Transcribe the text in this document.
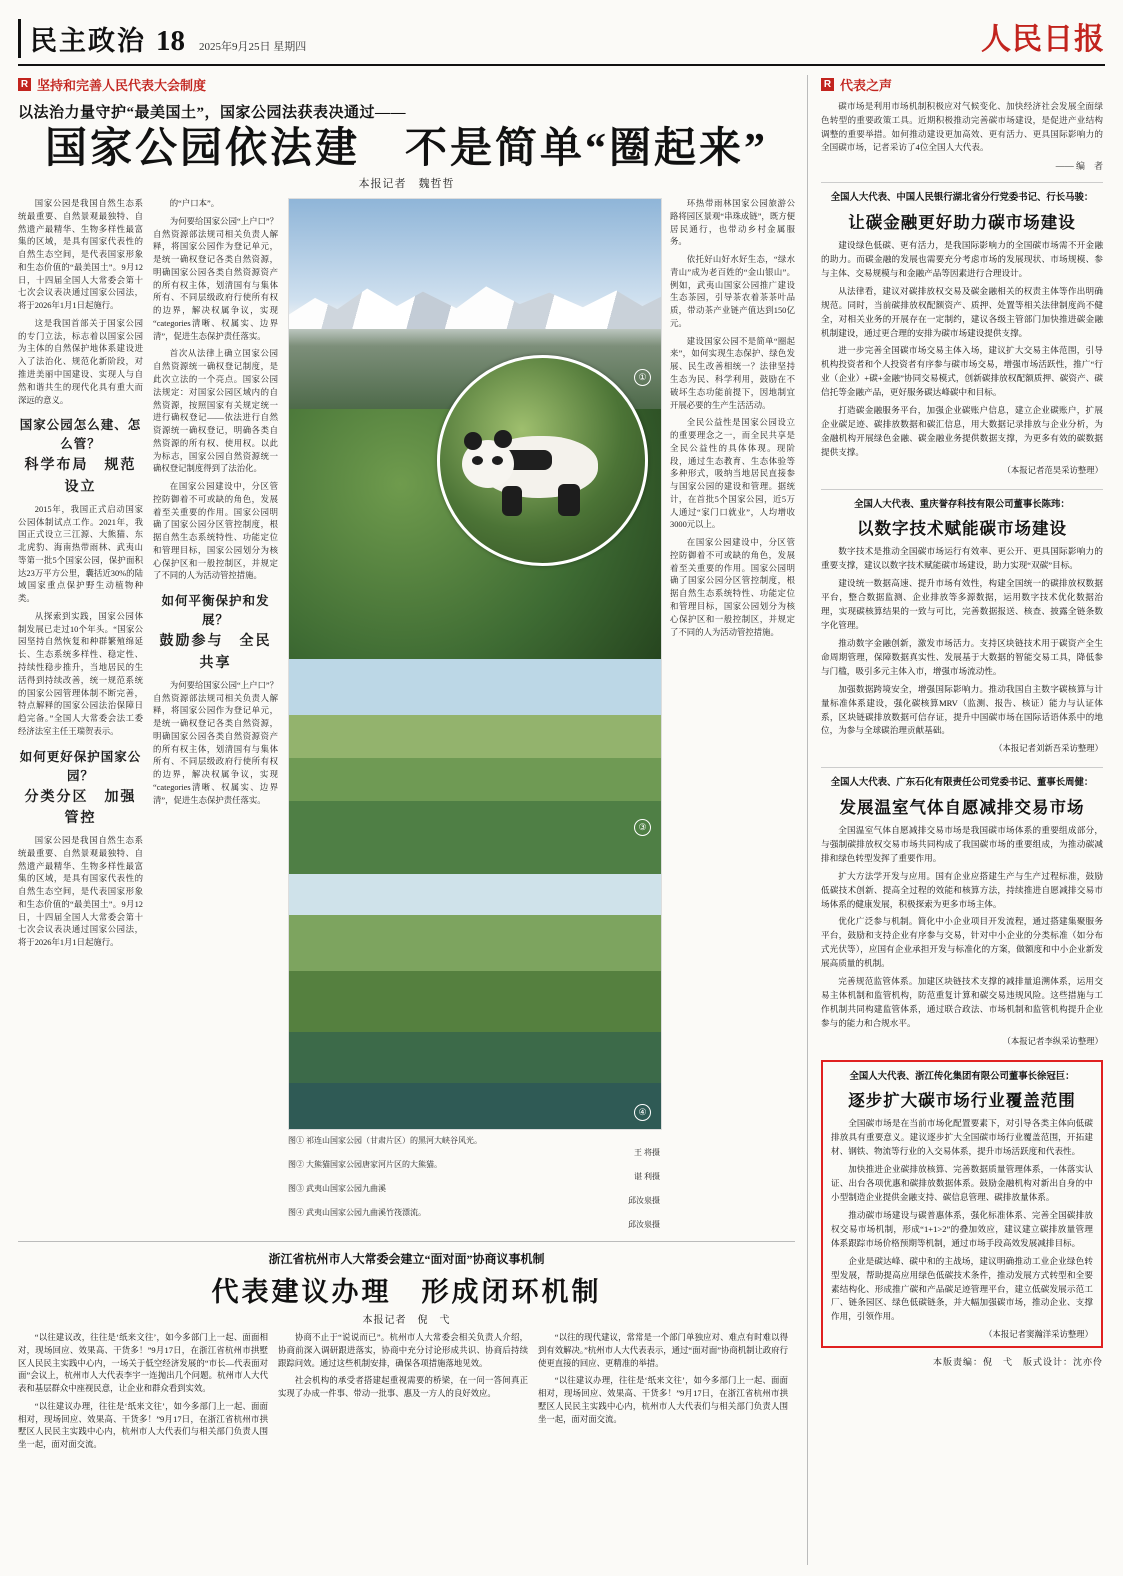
民主政治 18 2025年9月25日 星期四	人民日报
R 坚持和完善人民代表大会制度
以法治力量守护“最美国土”，国家公园法获表决通过——
国家公园依法建　不是简单“圈起来”
本报记者　魏哲哲

国家公园是我国自然生态系统最重要、自然景观最独特、自然遗产最精华、生物多样性最富集的区域，是具有国家代表性的自然生态空间，是代表国家形象和生态价值的“最美国土”。9月12日，十四届全国人大常委会第十七次会议表决通过国家公园法，将于2026年1月1日起施行。

这是我国首部关于国家公园的专门立法，标志着以国家公园为主体的自然保护地体系建设进入了法治化、规范化新阶段，对推进美丽中国建设、实现人与自然和谐共生的现代化具有重大而深远的意义。

国家公园怎么建、怎么管？
科学布局　规范设立

2015年，我国正式启动国家公园体制试点工作。2021年，我国正式设立三江源、大熊猫、东北虎豹、海南热带雨林、武夷山等第一批5个国家公园，保护面积达23万平方公里，囊括近30%的陆域国家重点保护野生动植物种类。

从探索到实践，国家公园体制发展已走过10个年头。“国家公园坚持自然恢复和种群繁殖绵延长、生态系统多样性、稳定性、持续性稳步推升，当地居民的生活得到持续改善，统一规范系统的国家公园管理体制不断完善，特点解释的国家公园法治保障日趋完备。”全国人大常委会法工委经济法室主任王瑞贺表示。

如何更好保护国家公园？
分类分区　加强管控

国家公园是我国自然生态系统最重要、自然景观最独特、自然遗产最精华、生物多样性最富集的区域，是具有国家代表性的自然生态空间，是代表国家形象和生态价值的“最美国土”。9月12日，十四届全国人大常委会第十七次会议表决通过国家公园法，将于2026年1月1日起施行。

的“户口本”。

为何要给国家公园“上户口”？自然资源部法规司相关负责人解释，将国家公园作为登记单元，是统一确权登记各类自然资源，明确国家公园各类自然资源资产的所有权主体，划清国有与集体所有、不同层级政府行使所有权的边界，解决权属争议，实现“categories清晰、权属实、边界清”，促进生态保护责任落实。

首次从法律上确立国家公园自然资源统一确权登记制度，是此次立法的一个亮点。国家公园法规定：对国家公园区域内的自然资源，按照国家有关规定统一进行确权登记——依法进行自然资源统一确权登记，明确各类自然资源的所有权、使用权。以此为标志，国家公园自然资源统一确权登记制度得到了法治化。

在国家公园建设中，分区管控防御着不可或缺的角色，发展着至关重要的作用。国家公园明确了国家公园分区管控制度，根据自然生态系统特性、功能定位和管理目标，国家公园划分为核心保护区和一般控制区，并规定了不同的人为活动管控措施。

如何平衡保护和发展？
鼓励参与　全民共享

为何要给国家公园“上户口”？自然资源部法规司相关负责人解释，将国家公园作为登记单元，是统一确权登记各类自然资源，明确国家公园各类自然资源资产的所有权主体，划清国有与集体所有、不同层级政府行使所有权的边界，解决权属争议，实现“categories清晰、权属实、边界清”，促进生态保护责任落实。

①
③
④
②
图① 祁连山国家公园（甘肃片区）的黑河大峡谷风光。
王 将摄
图② 大熊猫国家公园唐家河片区的大熊猫。
谌 利摄
图③ 武夷山国家公园九曲溪
邱汝泉摄
图④ 武夷山国家公园九曲溪竹筏漂流。
邱汝泉摄

环热带雨林国家公园旅游公路将园区景观“串珠成链”，既方便居民通行，也带动乡村金属服务。

依托好山好水好生态，“绿水青山”成为老百姓的“金山银山”。例如，武夷山国家公园推广建设生态茶园，引导茶农着茶茶叶品质，带动茶产业链产值达到150亿元。

建设国家公园不是简单“圈起来”，如何实现生态保护、绿色发展、民生改善相统一？法律坚持生态为民、科学利用，鼓励在不破坏生态功能前提下，因地制宜开展必要的生产生活活动。

全民公益性是国家公园设立的重要理念之一，而全民共享是全民公益性的具体体现。现阶段，通过生态教育、生态体验等多种形式，吸纳当地居民直接参与国家公园的建设和管理。据统计，在首批5个国家公园，近5万人通过“家门口就业”，人均增收3000元以上。

在国家公园建设中，分区管控防御着不可或缺的角色，发展着至关重要的作用。国家公园明确了国家公园分区管控制度，根据自然生态系统特性、功能定位和管理目标，国家公园划分为核心保护区和一般控制区，并规定了不同的人为活动管控措施。

浙江省杭州市人大常委会建立“面对面”协商议事机制
代表建议办理　形成闭环机制
本报记者　倪　弋

“以往建议改，往往是‘纸来文往’，如今多部门上一起、面面相对，现场回应、效果高、干货多！”9月17日，在浙江省杭州市拱墅区人民民主实践中心内，一场关于低空经济发展的“市长—代表面对面”会议上，杭州市人大代表李宇一连抛出几个问题。杭州市人大代表和基层群众中座视民意，让企业和群众看到实效。

“以往建议办理，往往是‘纸来文往’，如今多部门上一起、面面相对，现场回应、效果高、干货多！”9月17日，在浙江省杭州市拱墅区人民民主实践中心内，杭州市人大代表们与相关部门负责人围坐一起，面对面交流。

协商不止于“说说而已”。杭州市人大常委会相关负责人介绍，协商前深入调研跟进落实，协商中充分讨论形成共识、协商后持续跟踪问效。通过这些机制安排，确保各项措施落地见效。

社会机构的承受者搭建起重视需要的桥梁，在一问一答间真正实现了办成一件事、带动一批事、惠及一方人的良好效应。

“以往的现代建议，常常是一个部门单独应对、难点有时难以得到有效解决。”杭州市人大代表表示，通过“面对面”协商机制让政府行使更直接的回应、更精准的举措。

“以往建议办理，往往是‘纸来文往’，如今多部门上一起、面面相对，现场回应、效果高、干货多！”9月17日，在浙江省杭州市拱墅区人民民主实践中心内，杭州市人大代表们与相关部门负责人围坐一起，面对面交流。

R 代表之声

碳市场是利用市场机制积极应对气候变化、加快经济社会发展全面绿色转型的重要政策工具。近期积极推动完善碳市场建设，是促进产业结构调整的重要举措。如何推动建设更加高效、更有活力、更具国际影响力的全国碳市场，记者采访了4位全国人大代表。

—— 编　者
全国人大代表、中国人民银行湖北省分行党委书记、行长马骏：
让碳金融更好助力碳市场建设

建设绿色低碳、更有活力，是我国际影响力的全国碳市场需不开金融的助力。而碳金融的发展也需要充分考虑市场的发展现状、市场规模、参与主体、交易规模与和金融产品等因素进行合理设计。

从法律看，建议对碳排放权交易及碳金融相关的权责主体等作出明确规范。同时，当前碳排放权配额资产、质押、处置等相关法律制度尚不健全，对相关业务的开展存在一定制约，建议各级主管部门加快推进碳金融机制建设，通过更合理的安排为碳市场建设提供支撑。

进一步完善全国碳市场交易主体入场，建议扩大交易主体范围，引导机构投资者和个人投资者有序参与碳市场交易，增强市场活跃性，推广“行业（企业）+碳+金融”协同交易模式，创新碳排放权配额质押、碳资产、碳信托等金融产品，更好服务碳达峰碳中和目标。

打造碳金融服务平台，加强企业碳账户信息，建立企业碳账户，扩展企业碳足迹、碳排放数据和碳汇信息，用大数据记录排放与企业分析，为金融机构开展绿色金融、碳金融业务提供数据支撑，为更多有效的碳数据提供支撑。

（本报记者范昊采访整理）
全国人大代表、重庆誉存科技有限公司董事长陈玮：
以数字技术赋能碳市场建设

数字技术是推动全国碳市场运行有效率、更公开、更具国际影响力的重要支撑，建议以数字技术赋能碳市场建设，助力实现“双碳”目标。

建设统一数据高速、提升市场有效性，构建全国统一的碳排放权数据平台，整合数据监测、企业排放等多源数据，运用数字技术优化数据治理，实现碳核算结果的一致与可比，完善数据报送、核查、披露全链条数字化管理。

推动数字金融创新，激发市场活力。支持区块链技术用于碳资产全生命周期管理，保障数据真实性、发展基于大数据的智能交易工具，降低参与门槛，吸引多元主体入市，增强市场流动性。

加强数据跨境安全，增强国际影响力。推动我国自主数字碳核算与计量标准体系建设，强化碳核算MRV（监测、报告、核证）能力与认证体系，区块链碳排放数据可信存证，提升中国碳市场在国际话语体系中的地位，为参与全球碳治理贡献基础。

（本报记者刘新吾采访整理）
全国人大代表、广东石化有限责任公司党委书记、董事长周健：
发展温室气体自愿减排交易市场

全国温室气体自愿减排交易市场是我国碳市场体系的重要组成部分，与强制碳排放权交易市场共同构成了我国碳市场的重要组成，为推动碳减排和绿色转型发挥了重要作用。

扩大方法学开发与应用。国有企业应搭建生产与生产过程标准，鼓励低碳技术创新、提高全过程的效能和核算方法，持续推进自愿减排交易市场体系的健康发展，积极探索为更多市场主体。

优化广泛参与机制。简化中小企业项目开发流程，通过搭建集聚服务平台，鼓励和支持企业有序参与交易，针对中小企业的分类标准（如分布式光伏等），应国有企业承担开发与标准化的方案，做额度和中小企业新发展高质量的机制。

完善规范监管体系。加建区块链技术支撑的减排量追溯体系，运用交易主体机制和监管机构，防范重复计算和碳交易违规风险。这些措施与工作机制共同构建监管体系，通过联合政法、市场机制和监管机构提升企业参与的能力和合规水平。

（本报记者李纵采访整理）
全国人大代表、浙江传化集团有限公司董事长徐冠巨：
逐步扩大碳市场行业覆盖范围

全国碳市场是在当前市场化配置要素下，对引导各类主体向低碳排放具有重要意义。建议逐步扩大全国碳市场行业覆盖范围，开拓建材、钢铁、物流等行业的入交易体系，提升市场活跃度和代表性。

加快推进企业碳排放核算、完善数据质量管理体系，一体落实认证、出台各项优惠和碳排放数据体系。鼓励金融机构对新出自身的中小型制造企业提供金融支持、碳信息管理、碳排放量体系。

推动碳市场建设与碳普惠体系，强化标准体系、完善全国碳排放权交易市场机制，形成“1+1>2”的叠加效应，建议建立碳排放量管理体系跟踪市场价格预期等机制，通过市场手段高效发展减排目标。

企业是碳达峰、碳中和的主战场，建议明确推动工业企业绿色转型发展，帮助提高应用绿色低碳技术条件，推动发展方式转型和全要素结构化、形成推广碳和产品碳足迹管理平台，建立低碳发展示范工厂、链条园区、绿色低碳链条，并大幅加强碳市场，推动企业、支撑作用，引领作用。

（本报记者窦瀚洋采访整理）
本版责编：倪　弋　版式设计：沈亦伶
